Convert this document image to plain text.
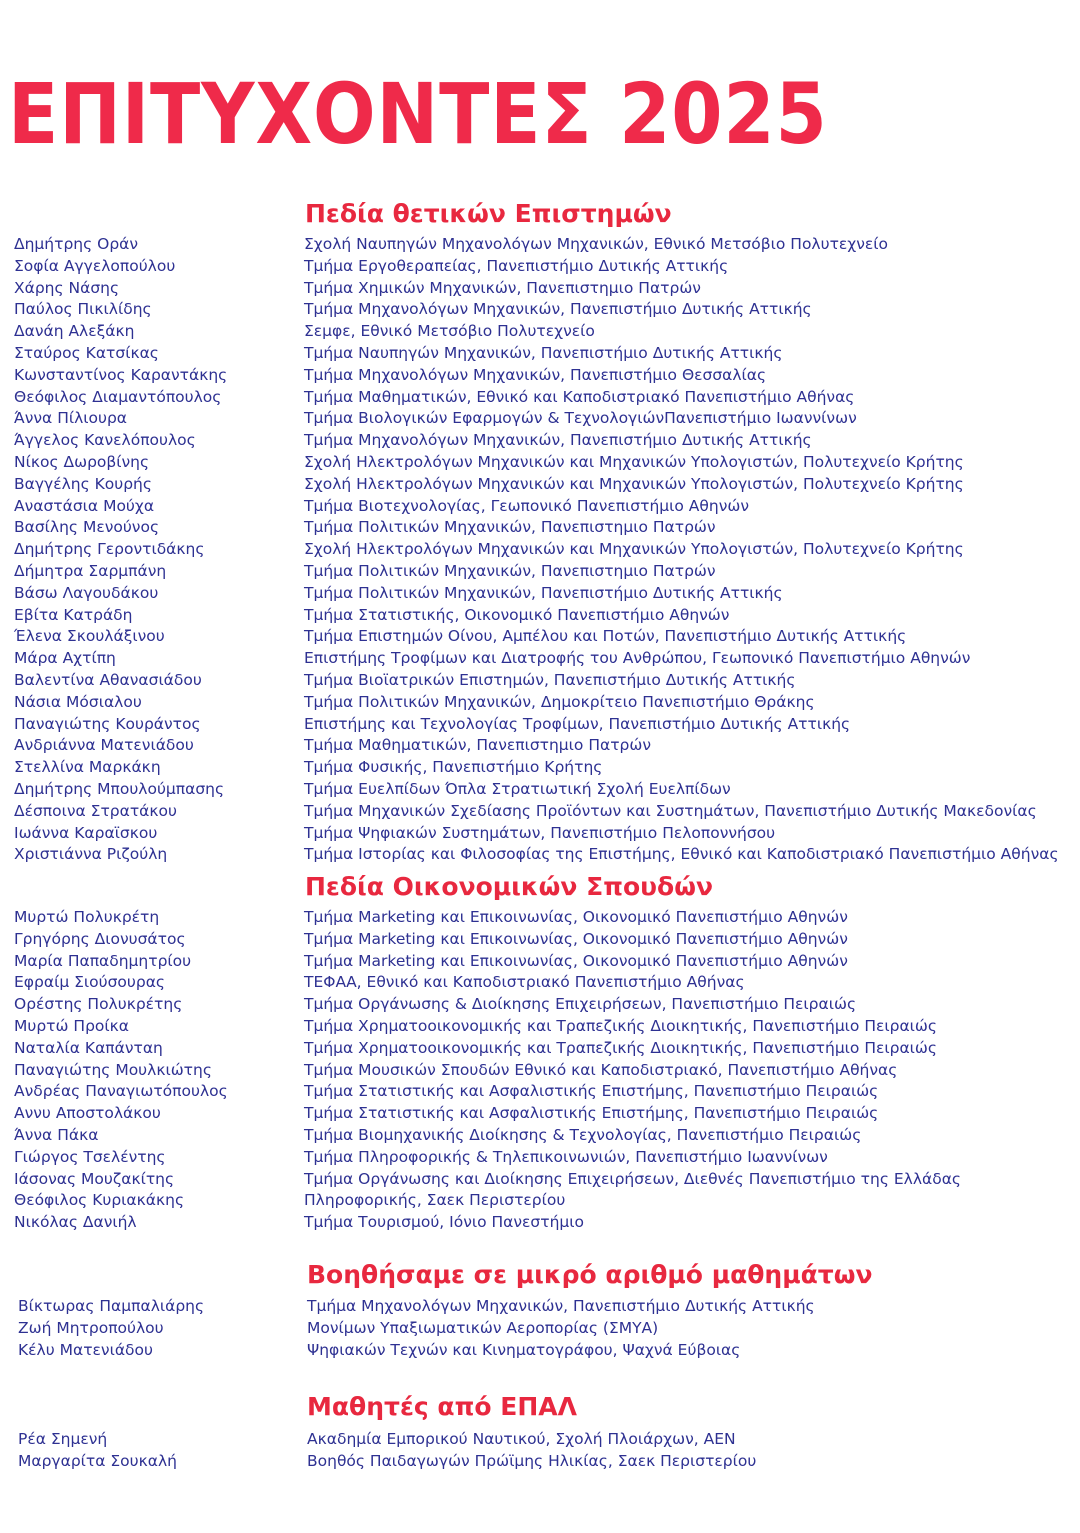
ΕΠΙΤΥΧΟΝΤΕΣ 2025
Πεδία θετικών Επιστημών
Δημήτρης Οράν	Σχολή Ναυπηγών Μηχανολόγων Μηχανικών, Εθνικό Μετσόβιο Πολυτεχνείο
Σοφία Αγγελοπούλου	Τμήμα Εργοθεραπείας, Πανεπιστήμιο Δυτικής Αττικής
Χάρης Νάσης	Τμήμα Χημικών Μηχανικών, Πανεπιστημιο Πατρών
Παύλος Πικιλίδης	Τμήμα Μηχανολόγων Μηχανικών, Πανεπιστήμιο Δυτικής Αττικής
Δανάη Αλεξάκη	Σεμφε, Εθνικό Μετσόβιο Πολυτεχνείο
Σταύρος Κατσίκας	Τμήμα Ναυπηγών Μηχανικών, Πανεπιστήμιο Δυτικής Αττικής
Κωνσταντίνος Καραντάκης	Τμήμα Μηχανολόγων Μηχανικών, Πανεπιστήμιο Θεσσαλίας
Θεόφιλος Διαμαντόπουλος	Τμήμα Μαθηματικών, Εθνικό και Καποδιστριακό Πανεπιστήμιο Αθήνας
Άννα Πίλιουρα	Τμήμα Βιολογικών Εφαρμογών & ΤεχνολογιώνΠανεπιστήμιο Ιωαννίνων
Άγγελος Κανελόπουλος	Τμήμα Μηχανολόγων Μηχανικών, Πανεπιστήμιο Δυτικής Αττικής
Νίκος Δωροβίνης	Σχολή Ηλεκτρολόγων Μηχανικών και Μηχανικών Υπολογιστών, Πολυτεχνείο Κρήτης
Βαγγέλης Κουρής	Σχολή Ηλεκτρολόγων Μηχανικών και Μηχανικών Υπολογιστών, Πολυτεχνείο Κρήτης
Αναστάσια Μούχα	Τμήμα Βιοτεχνολογίας, Γεωπονικό Πανεπιστήμιο Αθηνών
Βασίλης Μενούνος	Τμήμα Πολιτικών Μηχανικών, Πανεπιστημιο Πατρών
Δημήτρης Γεροντιδάκης	Σχολή Ηλεκτρολόγων Μηχανικών και Μηχανικών Υπολογιστών, Πολυτεχνείο Κρήτης
Δήμητρα Σαρμπάνη	Τμήμα Πολιτικών Μηχανικών, Πανεπιστημιο Πατρών
Βάσω Λαγουδάκου	Τμήμα Πολιτικών Μηχανικών, Πανεπιστήμιο Δυτικής Αττικής
Εβίτα Κατράδη	Τμήμα Στατιστικής, Οικονομικό Πανεπιστήμιο Αθηνών
Έλενα Σκουλάξινου	Τμήμα Επιστημών Οίνου, Αμπέλου και Ποτών, Πανεπιστήμιο Δυτικής Αττικής
Μάρα Αχτίπη	Επιστήμης Τροφίμων και Διατροφής του Ανθρώπου, Γεωπονικό Πανεπιστήμιο Αθηνών
Βαλεντίνα Αθανασιάδου	Τμήμα Βιοϊατρικών Επιστημών, Πανεπιστήμιο Δυτικής Αττικής
Νάσια Μόσιαλου	Τμήμα Πολιτικών Μηχανικών, Δημοκρίτειο Πανεπιστήμιο Θράκης
Παναγιώτης Κουράντος	Επιστήμης και Τεχνολογίας Τροφίμων, Πανεπιστήμιο Δυτικής Αττικής
Ανδριάννα Ματενιάδου	Τμήμα Μαθηματικών, Πανεπιστημιο Πατρών
Στελλίνα Μαρκάκη	Τμήμα Φυσικής, Πανεπιστήμιο Κρήτης
Δημήτρης Μπουλούμπασης	Τμήμα Ευελπίδων Όπλα Στρατιωτική Σχολή Ευελπίδων
Δέσποινα Στρατάκου	Τμήμα Μηχανικών Σχεδίασης Προϊόντων και Συστημάτων, Πανεπιστήμιο Δυτικής Μακεδονίας
Ιωάννα Καραϊσκου	Τμήμα Ψηφιακών Συστημάτων, Πανεπιστήμιο Πελοποννήσου
Χριστιάννα Ριζούλη	Τμήμα Ιστορίας και Φιλοσοφίας της Επιστήμης, Εθνικό και Καποδιστριακό Πανεπιστήμιο Αθήνας
Πεδία Οικονομικών Σπουδών
Μυρτώ Πολυκρέτη	Τμήμα Marketing και Επικοινωνίας, Οικονομικό Πανεπιστήμιο Αθηνών
Γρηγόρης Διονυσάτος	Τμήμα Marketing και Επικοινωνίας, Οικονομικό Πανεπιστήμιο Αθηνών
Μαρία Παπαδημητρίου	Τμήμα Marketing και Επικοινωνίας, Οικονομικό Πανεπιστήμιο Αθηνών
Εφραίμ Σιούσουρας	ΤΕΦΑΑ, Εθνικό και Καποδιστριακό Πανεπιστήμιο Αθήνας
Ορέστης Πολυκρέτης	Τμήμα Οργάνωσης & Διοίκησης Επιχειρήσεων, Πανεπιστήμιο Πειραιώς
Μυρτώ Προίκα	Τμήμα Χρηματοοικονομικής και Τραπεζικής Διοικητικής, Πανεπιστήμιο Πειραιώς
Ναταλία Καπάνταη	Τμήμα Χρηματοοικονομικής και Τραπεζικής Διοικητικής, Πανεπιστήμιο Πειραιώς
Παναγιώτης Μουλκιώτης	Τμήμα Μουσικών Σπουδών Εθνικό και Καποδιστριακό, Πανεπιστήμιο Αθήνας
Ανδρέας Παναγιωτόπουλος	Τμήμα Στατιστικής και Ασφαλιστικής Επιστήμης, Πανεπιστήμιο Πειραιώς
Αννυ Αποστολάκου	Τμήμα Στατιστικής και Ασφαλιστικής Επιστήμης, Πανεπιστήμιο Πειραιώς
Άννα Πάκα	Τμήμα Βιομηχανικής Διοίκησης & Τεχνολογίας, Πανεπιστήμιο Πειραιώς
Γιώργος Τσελέντης	Τμήμα Πληροφορικής & Τηλεπικοινωνιών, Πανεπιστήμιο Ιωαννίνων
Ιάσονας Μουζακίτης	Τμήμα Οργάνωσης και Διοίκησης Επιχειρήσεων, Διεθνές Πανεπιστήμιο της Ελλάδας
Θεόφιλος Κυριακάκης	Πληροφορικής, Σαεκ Περιστερίου
Νικόλας Δανιήλ	Τμήμα Τουρισμού, Ιόνιο Πανεστήμιο
Βοηθήσαμε σε μικρό αριθμό μαθημάτων
Βίκτωρας Παμπαλιάρης	Τμήμα Μηχανολόγων Μηχανικών, Πανεπιστήμιο Δυτικής Αττικής
Ζωή Μητροπούλου	Μονίμων Υπαξιωματικών Αεροπορίας (ΣΜΥΑ)
Κέλυ Ματενιάδου	Ψηφιακών Τεχνών και Κινηματογράφου, Ψαχνά Εύβοιας
Μαθητές από ΕΠΑΛ
Ρέα Σημενή	Ακαδημία Εμπορικού Ναυτικού, Σχολή Πλοιάρχων, ΑΕΝ
Μαργαρίτα Σουκαλή	Βοηθός Παιδαγωγών Πρώϊμης Ηλικίας, Σαεκ Περιστερίου
